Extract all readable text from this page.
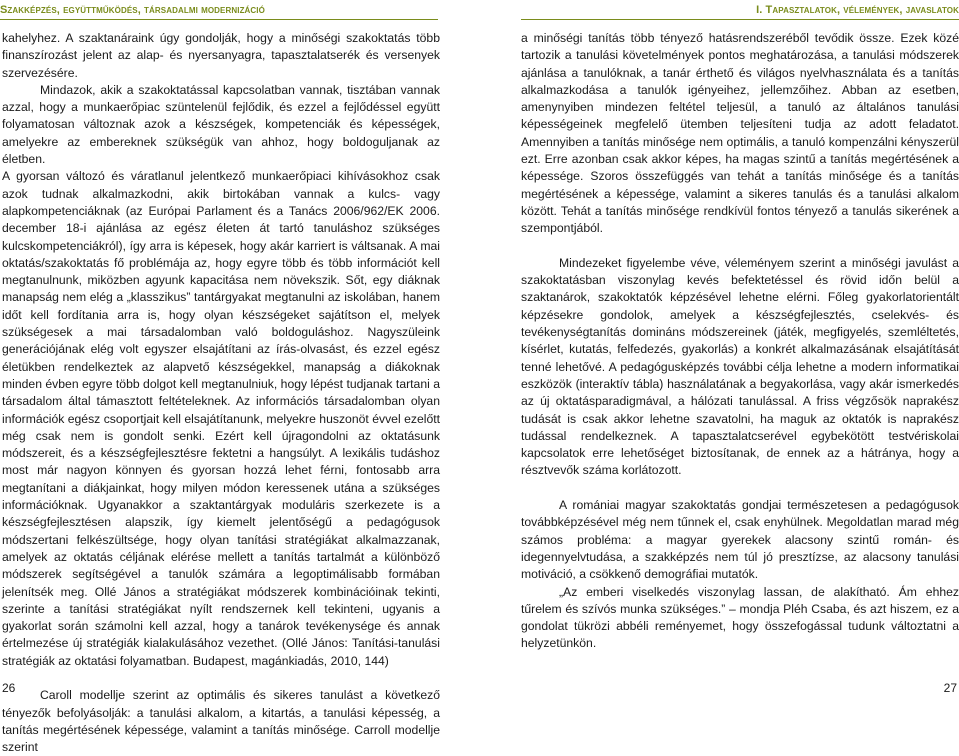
Szakképzés, együttműködés, társadalmi modernizáció	I. Tapasztalatok, vélemények, javaslatok

kahelyhez. A szaktanáraink úgy gondolják, hogy a minőségi szakoktatás több finanszírozást jelent az alap- és nyersanyagra, tapasztalatserék és versenyek szervezésére.

Mindazok, akik a szakoktatással kapcsolatban vannak, tisztában vannak azzal, hogy a munkaerőpiac szüntelenül fejlődik, és ezzel a fejlődéssel együtt folyamatosan változnak azok a készségek, kompetenciák és képességek, amelyekre az embereknek szükségük van ahhoz, hogy boldoguljanak az életben.

A gyorsan változó és váratlanul jelentkező munkaerőpiaci kihívásokhoz csak azok tudnak alkalmazkodni, akik birtokában vannak a kulcs- vagy alapkompetenciáknak (az Európai Parlament és a Tanács 2006/962/EK 2006. december 18-i ajánlása az egész életen át tartó tanuláshoz szükséges kulcskompetenciákról), így arra is képesek, hogy akár karriert is váltsanak. A mai oktatás/szakoktatás fő problémája az, hogy egyre több és több információt kell megtanulnunk, miközben agyunk kapacitása nem növekszik. Sőt, egy diáknak manapság nem elég a „klasszikus” tantárgyakat megtanulni az iskolában, hanem időt kell fordítania arra is, hogy olyan készségeket sajátítson el, melyek szükségesek a mai társadalomban való boldoguláshoz. Nagyszüleink generációjának elég volt egyszer elsajátítani az írás-olvasást, és ezzel egész életükben rendelkeztek az alapvető készségekkel, manapság a diákoknak minden évben egyre több dolgot kell megtanulniuk, hogy lépést tudjanak tartani a társadalom által támasztott feltételeknek. Az információs társadalomban olyan információk egész csoportjait kell elsajátítanunk, melyekre huszonöt évvel ezelőtt még csak nem is gondolt senki. Ezért kell újragondolni az oktatásunk módszereit, és a készségfejlesztésre fektetni a hangsúlyt. A lexikális tudáshoz most már nagyon könnyen és gyorsan hozzá lehet férni, fontosabb arra megtanítani a diákjainkat, hogy milyen módon keressenek utána a szükséges információknak. Ugyanakkor a szaktantárgyak moduláris szerkezete is a készségfejlesztésen alapszik, így kiemelt jelentőségű a pedagógusok módszertani felkészültsége, hogy olyan tanítási stratégiákat alkalmazzanak, amelyek az oktatás céljának elérése mellett a tanítás tartalmát a különböző módszerek segítségével a tanulók számára a legoptimálisabb formában jelenítsék meg. Ollé János a stratégiákat módszerek kombinációinak tekinti, szerinte a tanítási stratégiákat nyílt rendszernek kell tekinteni, ugyanis a gyakorlat során számolni kell azzal, hogy a tanárok tevékenysége és annak értelmezése új stratégiák kialakulásához vezethet. (Ollé János: Tanítási-tanulási stratégiák az oktatási folyamatban. Budapest, magánkiadás, 2010, 144)

Caroll modellje szerint az optimális és sikeres tanulást a következő tényezők befolyásolják: a tanulási alkalom, a kitartás, a tanulási képesség, a tanítás megértésének képessége, valamint a tanítás minősége. Carroll modellje szerint

a minőségi tanítás több tényező hatásrendszeréből tevődik össze. Ezek közé tartozik a tanulási követelmények pontos meghatározása, a tanulási módszerek ajánlása a tanulóknak, a tanár érthető és világos nyelvhasználata és a tanítás alkalmazkodása a tanulók igényeihez, jellemzőihez. Abban az esetben, amenynyiben mindezen feltétel teljesül, a tanuló az általános tanulási képességeinek megfelelő ütemben teljesíteni tudja az adott feladatot. Amennyiben a tanítás minősége nem optimális, a tanuló kompenzálni kényszerül ezt. Erre azonban csak akkor képes, ha magas szintű a tanítás megértésének a képessége. Szoros összefüggés van tehát a tanítás minősége és a tanítás megértésének a képessége, valamint a sikeres tanulás és a tanulási alkalom között. Tehát a tanítás minősége rendkívül fontos tényező a tanulás sikerének a szempontjából.

Mindezeket figyelembe véve, véleményem szerint a minőségi javulást a szakoktatásban viszonylag kevés befektetéssel és rövid időn belül a szaktanárok, szakoktatók képzésével lehetne elérni. Főleg gyakorlatorientált képzésekre gondolok, amelyek a készségfejlesztés, cselekvés- és tevékenységtanítás domináns módszereinek (játék, megfigyelés, szemléltetés, kísérlet, kutatás, felfedezés, gyakorlás) a konkrét alkalmazásának elsajátítását tenné lehetővé. A pedagógusképzés további célja lehetne a modern informatikai eszközök (interaktív tábla) használatának a begyakorlása, vagy akár ismerkedés az új oktatásparadigmával, a hálózati tanulással. A friss végzősök naprakész tudását is csak akkor lehetne szavatolni, ha maguk az oktatók is naprakész tudással rendelkeznek. A tapasztalatcserével egybekötött testvériskolai kapcsolatok erre lehetőséget biztosítanak, de ennek az a hátránya, hogy a résztvevők száma korlátozott.

A romániai magyar szakoktatás gondjai természetesen a pedagógusok továbbképzésével még nem tűnnek el, csak enyhülnek. Megoldatlan marad még számos probléma: a magyar gyerekek alacsony szintű román- és idegennyelvtudása, a szakképzés nem túl jó presztízse, az alacsony tanulási motiváció, a csökkenő demográfiai mutatók.

„Az emberi viselkedés viszonylag lassan, de alakítható. Ám ehhez tűrelem és szívós munka szükséges.” – mondja Pléh Csaba, és azt hiszem, ez a gondolat tükrözi abbéli reményemet, hogy összefogással tudunk változtatni a helyzetünkön.

26	27
